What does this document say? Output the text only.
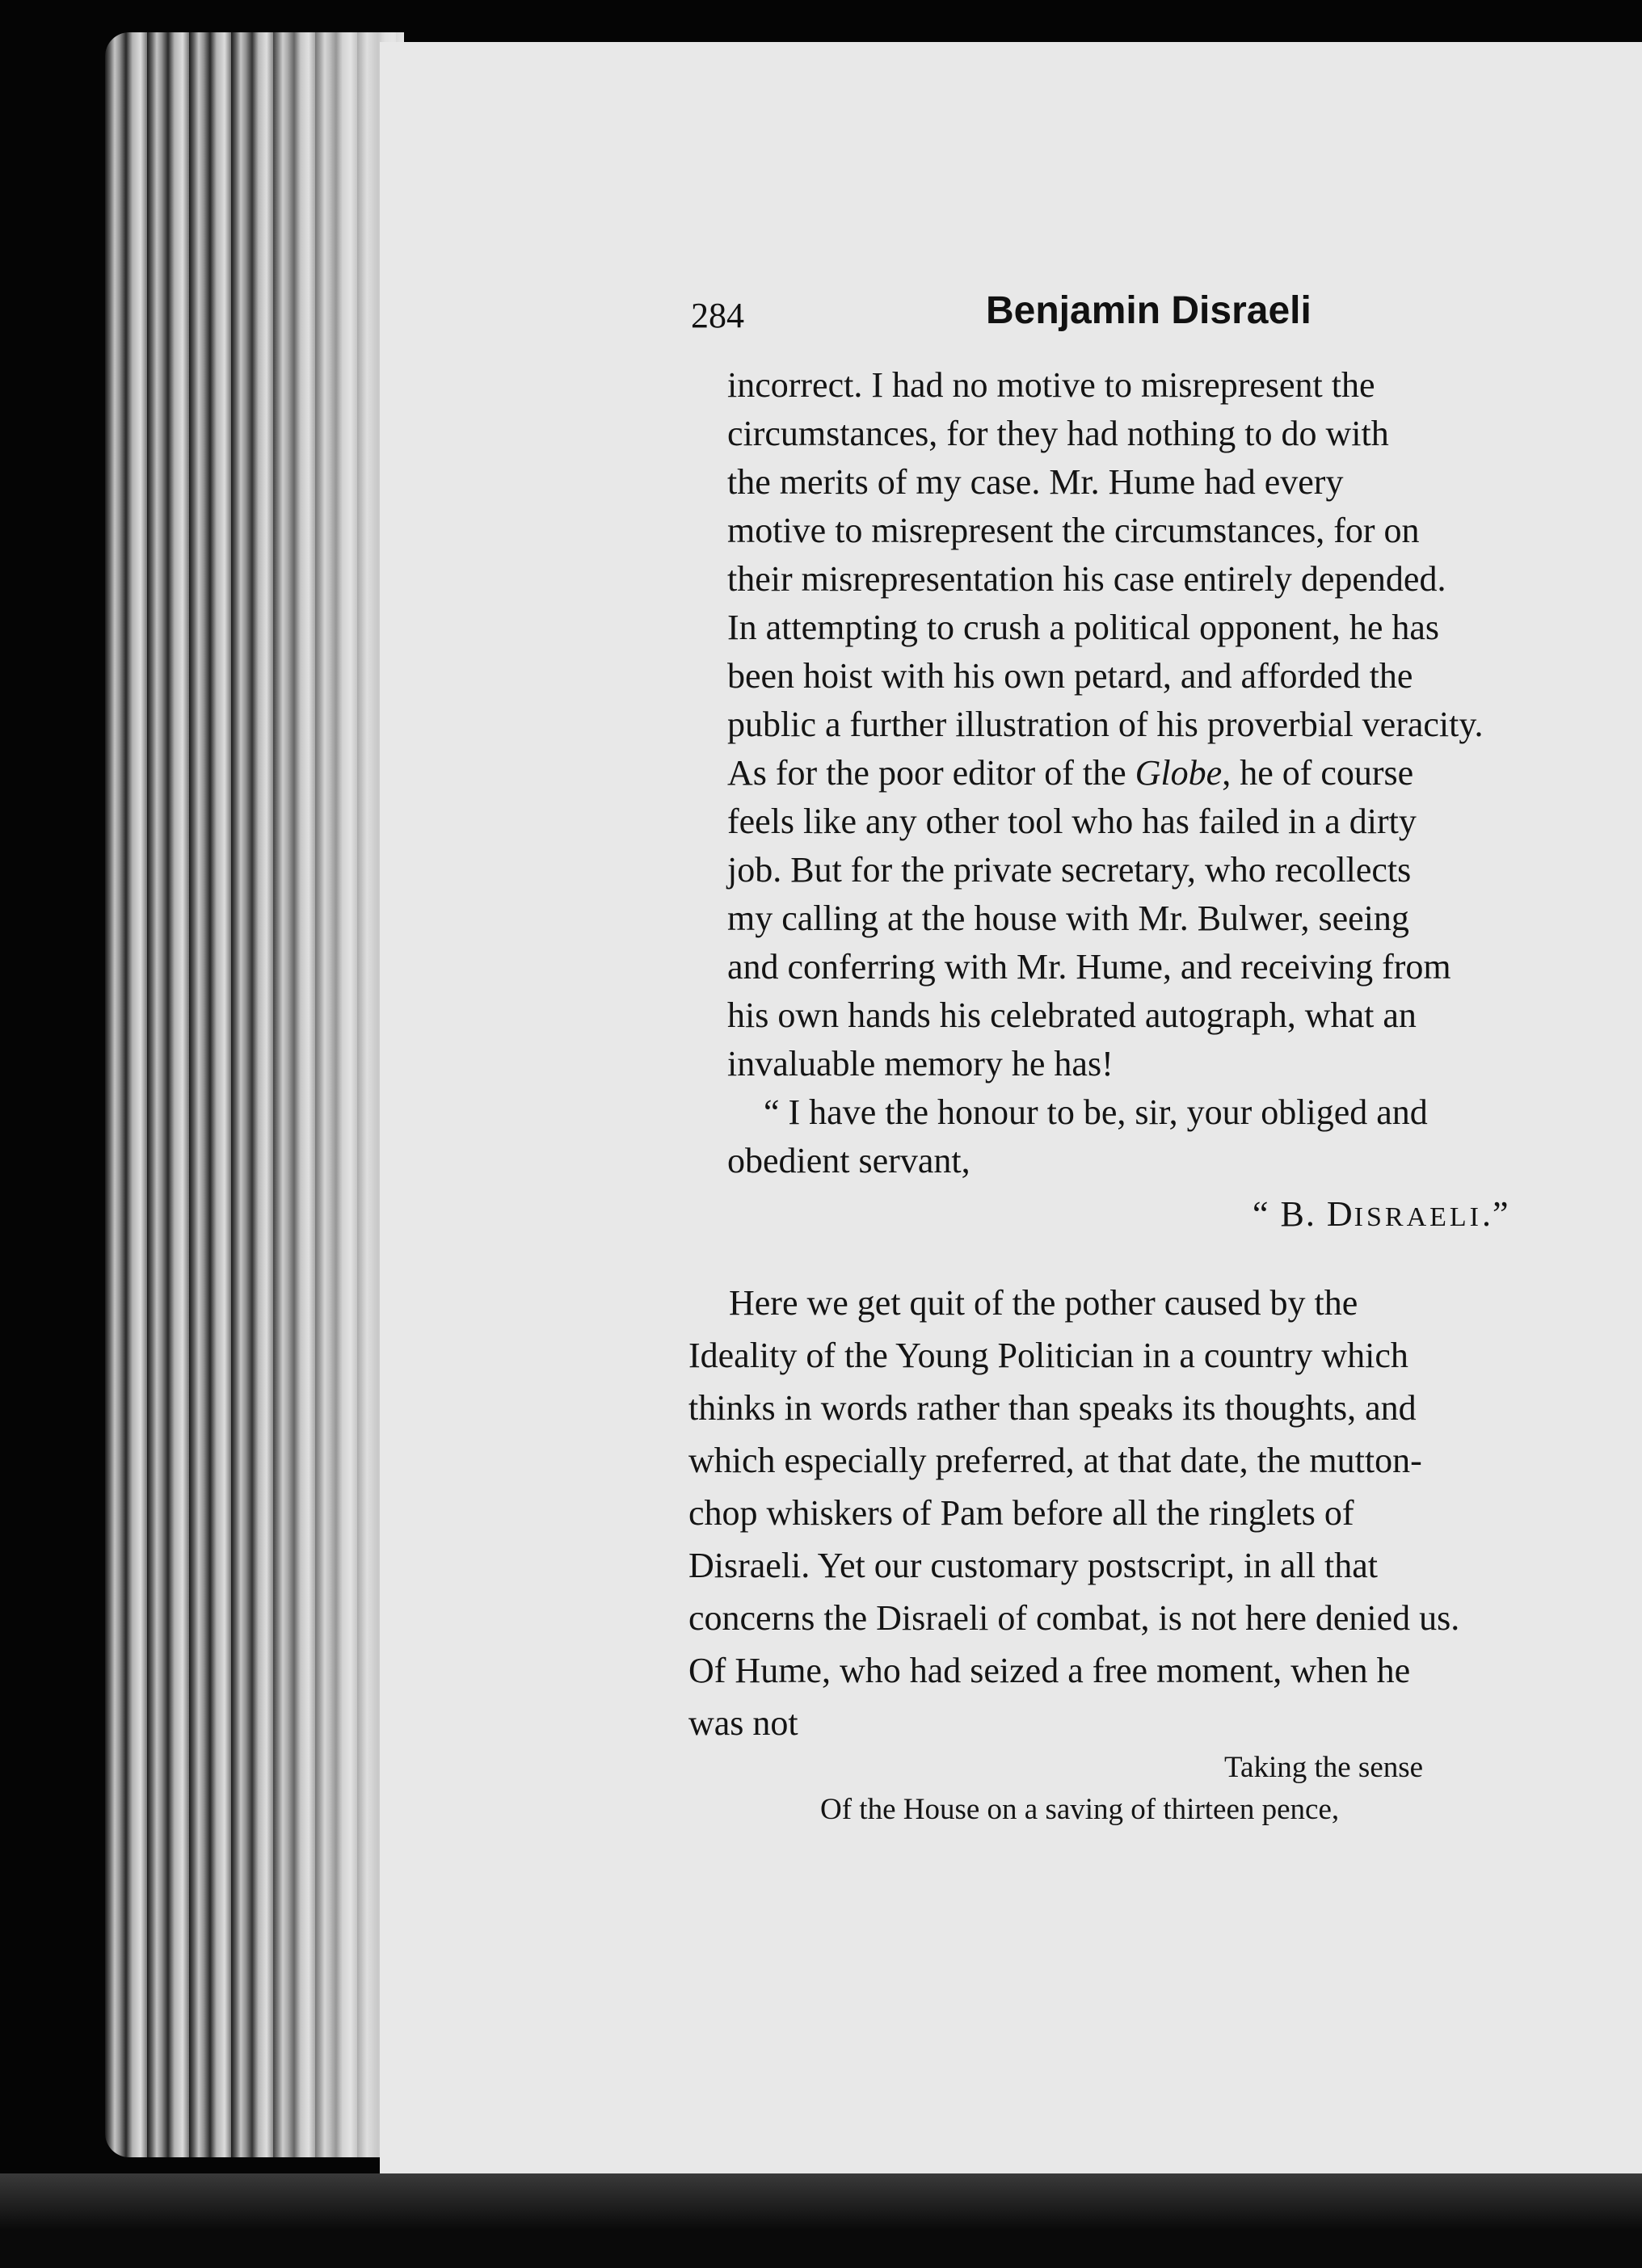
284	Benjamin Disraeli

incorrect. I had no motive to misrepresent the

circumstances, for they had nothing to do with

the merits of my case. Mr. Hume had every

motive to misrepresent the circumstances, for on

their misrepresentation his case entirely depended.

In attempting to crush a political opponent, he has

been hoist with his own petard, and afforded the

public a further illustration of his proverbial veracity.

As for the poor editor of the Globe, he of course

feels like any other tool who has failed in a dirty

job. But for the private secretary, who recollects

my calling at the house with Mr. Bulwer, seeing

and conferring with Mr. Hume, and receiving from

his own hands his celebrated autograph, what an

invaluable memory he has!

“ I have the honour to be, sir, your obliged and

obedient servant,

“ B. DISRAELI.”

Here we get quit of the pother caused by the

Ideality of the Young Politician in a country which

thinks in words rather than speaks its thoughts, and

which especially preferred, at that date, the mutton-

chop whiskers of Pam before all the ringlets of

Disraeli. Yet our customary postscript, in all that

concerns the Disraeli of combat, is not here denied us.

Of Hume, who had seized a free moment, when he

was not

Taking the sense
Of the House on a saving of thirteen pence,
